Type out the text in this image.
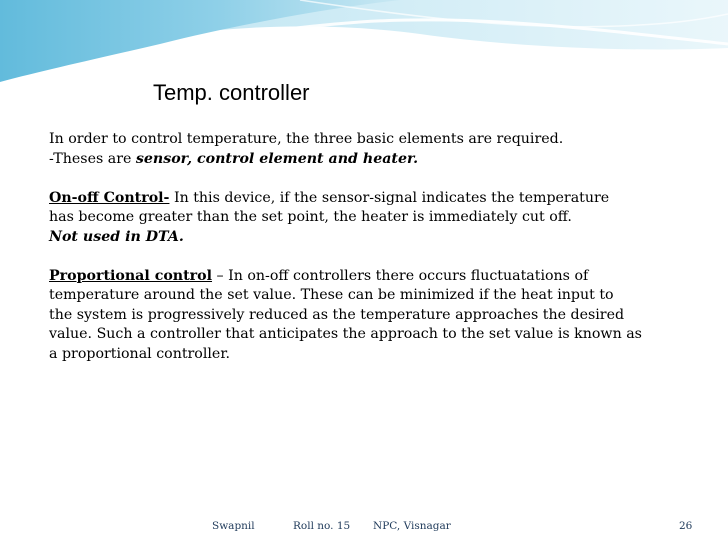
Temp. controller

In order to control temperature, the three basic elements are required.
-Theses are sensor, control element and heater.

On-off Control- In this device, if the sensor-signal indicates the temperature
has become greater than the set point, the heater is immediately cut off.
Not used in DTA.

Proportional control – In on-off controllers there occurs fluctuatations of
temperature around the set value. These can be minimized if the heat input to
the system is progressively reduced as the temperature approaches the desired
value. Such a controller that anticipates the approach to the set value is known as
a proportional controller.

Swapnil	Roll no. 15 NPC, Visnagar	26
